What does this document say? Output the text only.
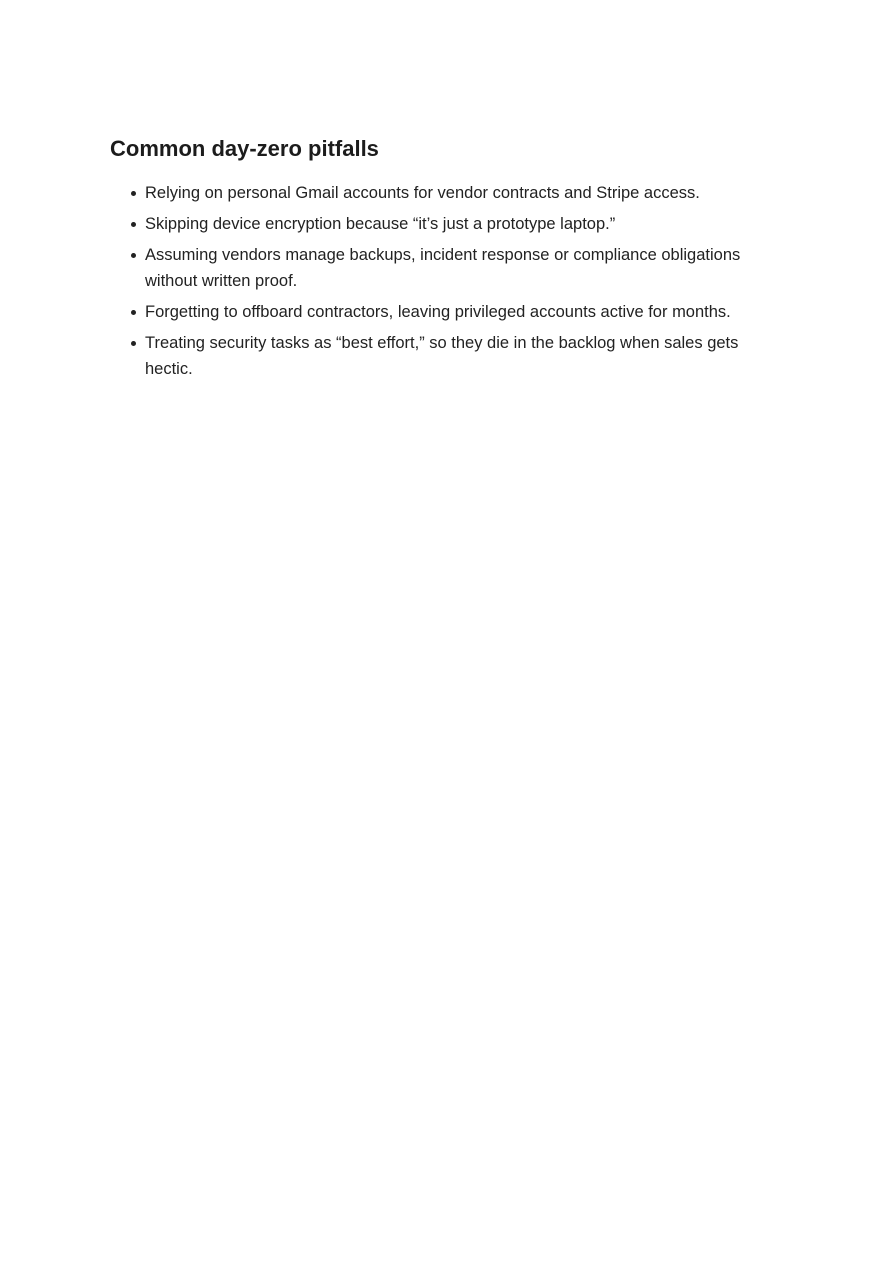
Common day-zero pitfalls
Relying on personal Gmail accounts for vendor contracts and Stripe access.
Skipping device encryption because “it’s just a prototype laptop.”
Assuming vendors manage backups, incident response or compliance obligations without written proof.
Forgetting to offboard contractors, leaving privileged accounts active for months.
Treating security tasks as “best effort,” so they die in the backlog when sales gets hectic.
